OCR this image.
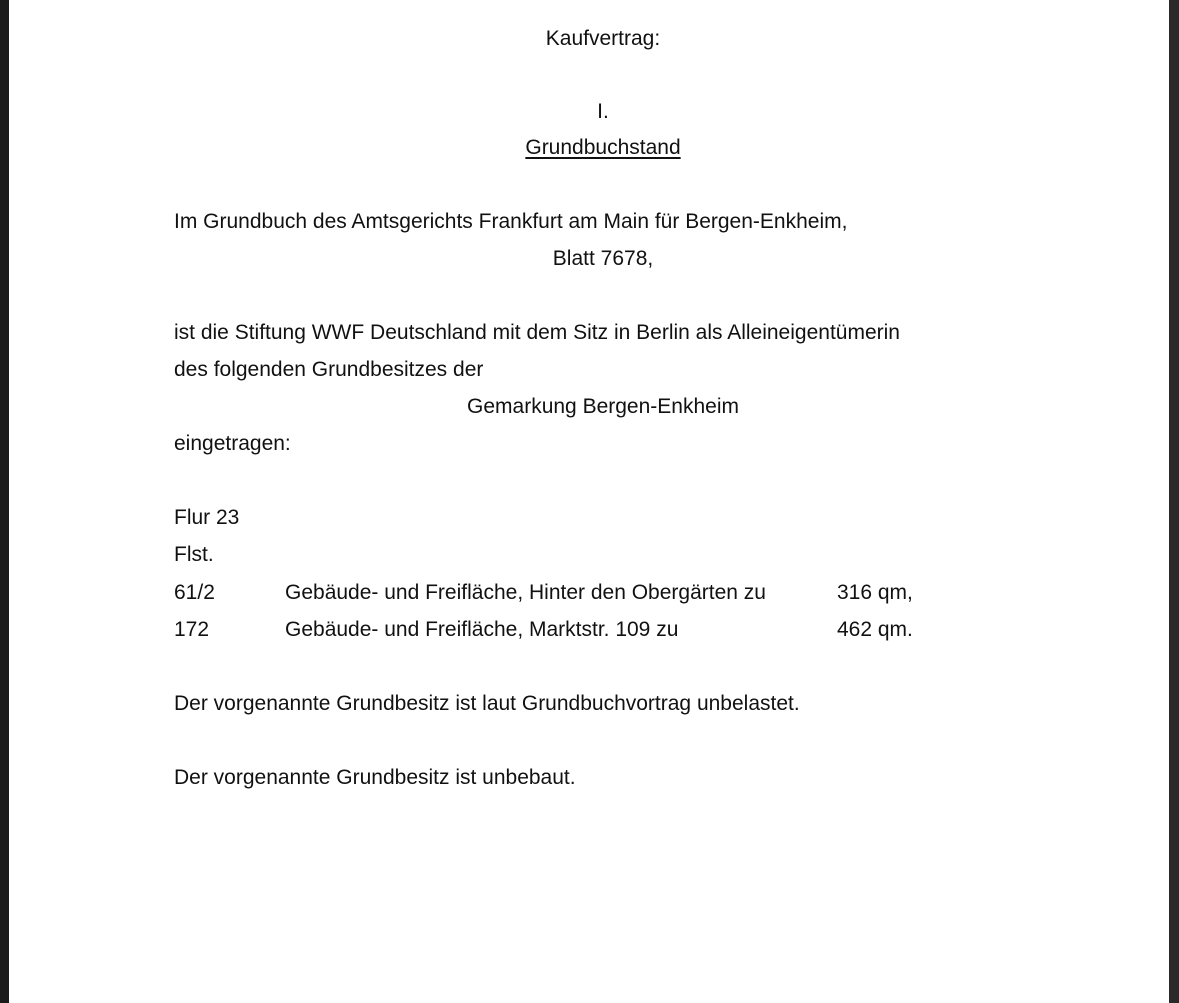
Kaufvertrag:
I.
Grundbuchstand
Im Grundbuch des Amtsgerichts Frankfurt am Main für Bergen-Enkheim,
Blatt 7678,
ist die Stiftung WWF Deutschland mit dem Sitz in Berlin als Alleineigentümerin
des folgenden Grundbesitzes der
Gemarkung Bergen-Enkheim
eingetragen:
Flur 23
Flst.
61/2	Gebäude- und Freifläche, Hinter den Obergärten zu	316 qm,
172	Gebäude- und Freifläche, Marktstr. 109 zu	462 qm.
Der vorgenannte Grundbesitz ist laut Grundbuchvortrag unbelastet.
Der vorgenannte Grundbesitz ist unbebaut.
